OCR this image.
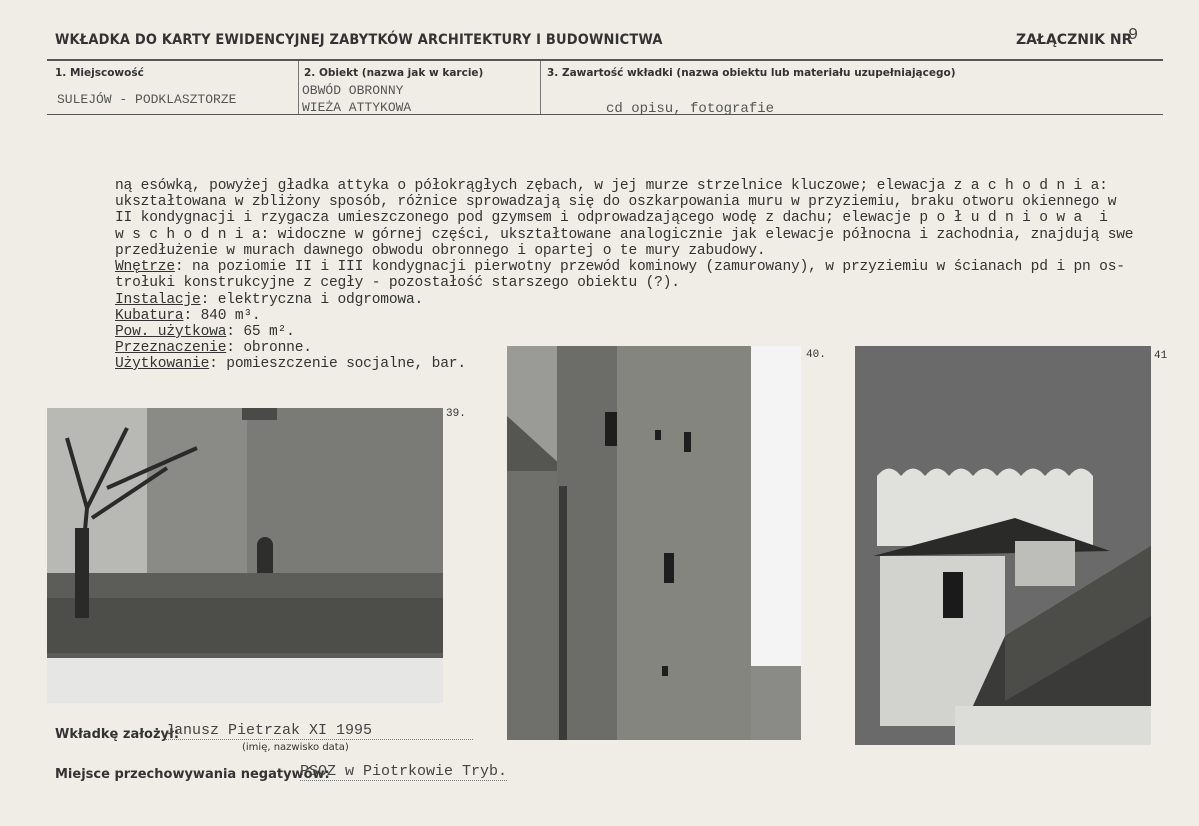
WKŁADKA DO KARTY EWIDENCYJNEJ ZABYTKÓW ARCHITEKTURY I BUDOWNICTWA	ZAŁĄCZNIK NR
9
1. Miejscowość
SULEJÓW - PODKLASZTORZE
2. Obiekt (nazwa jak w karcie)
OBWÓD OBRONNY
WIEŻA ATTYKOWA
3. Zawartość wkładki (nazwa obiektu lub materiału uzupełniającego)
cd opisu, fotografie
ną esówką, powyżej gładka attyka o półokrągłych zębach, w jej murze strzelnice kluczowe; elewacja z a c h o d n i a:
ukształtowana w zbliżony sposób, różnice sprowadzają się do oszkarpowania muru w przyziemiu, braku otworu okiennego w
II kondygnacji i rzygacza umieszczonego pod gzymsem i odprowadzającego wodę z dachu; elewacje p o ł u d n i o w a  i
w s c h o d n i a: widoczne w górnej części, ukształtowane analogicznie jak elewacje północna i zachodnia, znajdują swe
przedłużenie w murach dawnego obwodu obronnego i opartej o te mury zabudowy.
Wnętrze: na poziomie II i III kondygnacji pierwotny przewód kominowy (zamurowany), w przyziemiu w ścianach pd i pn os-
trołuki konstrukcyjne z cegły - pozostałość starszego obiektu (?).
Instalacje: elektryczna i odgromowa.
Kubatura: 840 m³.
Pow. użytkowa: 65 m².
Przeznaczenie: obronne.
Użytkowanie: pomieszczenie socjalne, bar.
39.
40.	41
Wkładkę założył:
Janusz Pietrzak XI 1995
(imię, nazwisko data)
Miejsce przechowywania negatywów:
PSOZ w Piotrkowie Tryb.
